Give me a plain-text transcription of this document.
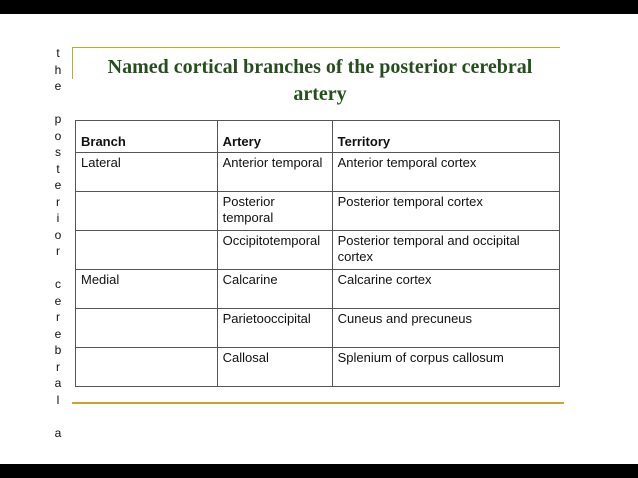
t
h
e

p
o
s
t
e
r
i
o
r

c
e
r
e
b
r
a
l

a
Named cortical branches of the posterior cerebral artery
Branch	Artery	Territory
Lateral	Anterior temporal	Anterior temporal cortex
	Posterior temporal	Posterior temporal cortex
	Occipitotemporal	Posterior temporal and occipital cortex
Medial	Calcarine	Calcarine cortex
	Parietooccipital	Cuneus and precuneus
	Callosal	Splenium of corpus callosum
